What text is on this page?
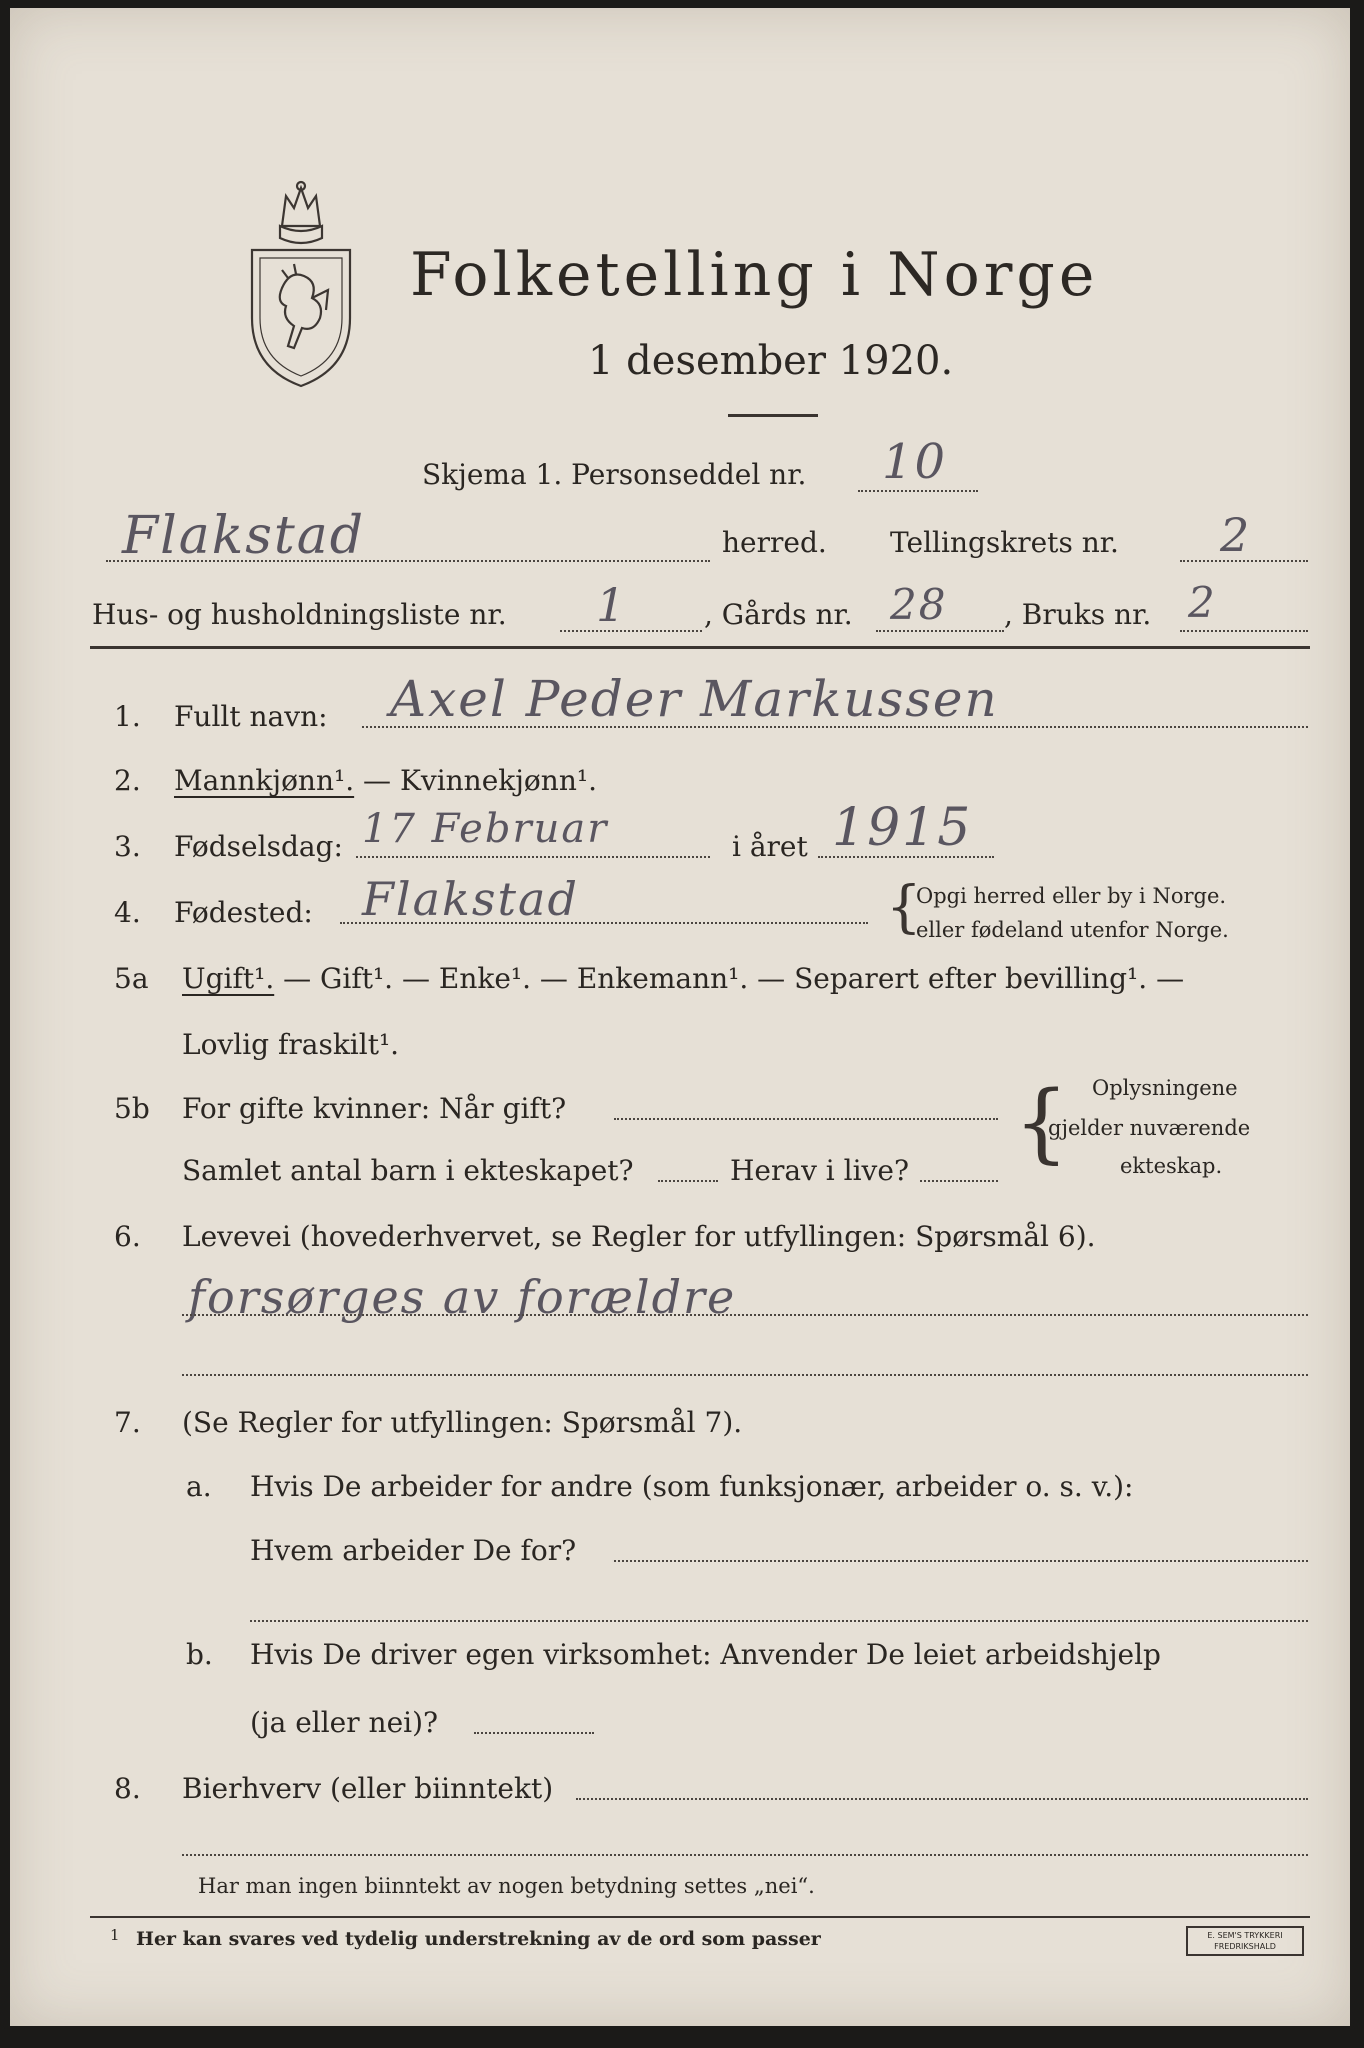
Folketelling i Norge
1 desember 1920.
Skjema 1. Personseddel nr. 10
Flakstad	herred. Tellingskrets nr. 2
Hus- og husholdningsliste nr. 1	, Gårds nr. 28 , Bruks nr. 2
1. Fullt navn: Axel Peder Markussen
2. Mannkjønn¹. — Kvinnekjønn¹.
3. Fødselsdag: 17 Februar	i året 1915
4. Fødested: Flakstad	{
Opgi herred eller by i Norge.
eller fødeland utenfor Norge.
5a Ugift¹. — Gift¹. — Enke¹. — Enkemann¹. — Separert efter bevilling¹. —
Lovlig fraskilt¹.
5b For gifte kvinner: Når gift?
Samlet antal barn i ekteskapet?	Herav i live? { Oplysningene
gjelder nuværende
ekteskap.
6. Levevei (hovederhvervet, se Regler for utfyllingen: Spørsmål 6).
forsørges av forældre
7. (Se Regler for utfyllingen: Spørsmål 7).
a. Hvis De arbeider for andre (som funksjonær, arbeider o. s. v.):
Hvem arbeider De for?
b. Hvis De driver egen virksomhet: Anvender De leiet arbeidshjelp
(ja eller nei)?
8. Bierhverv (eller biinntekt)
Har man ingen biinntekt av nogen betydning settes „nei“.
1 Her kan svares ved tydelig understrekning av de ord som passer	E. SEM'S TRYKKERI
FREDRIKSHALD
